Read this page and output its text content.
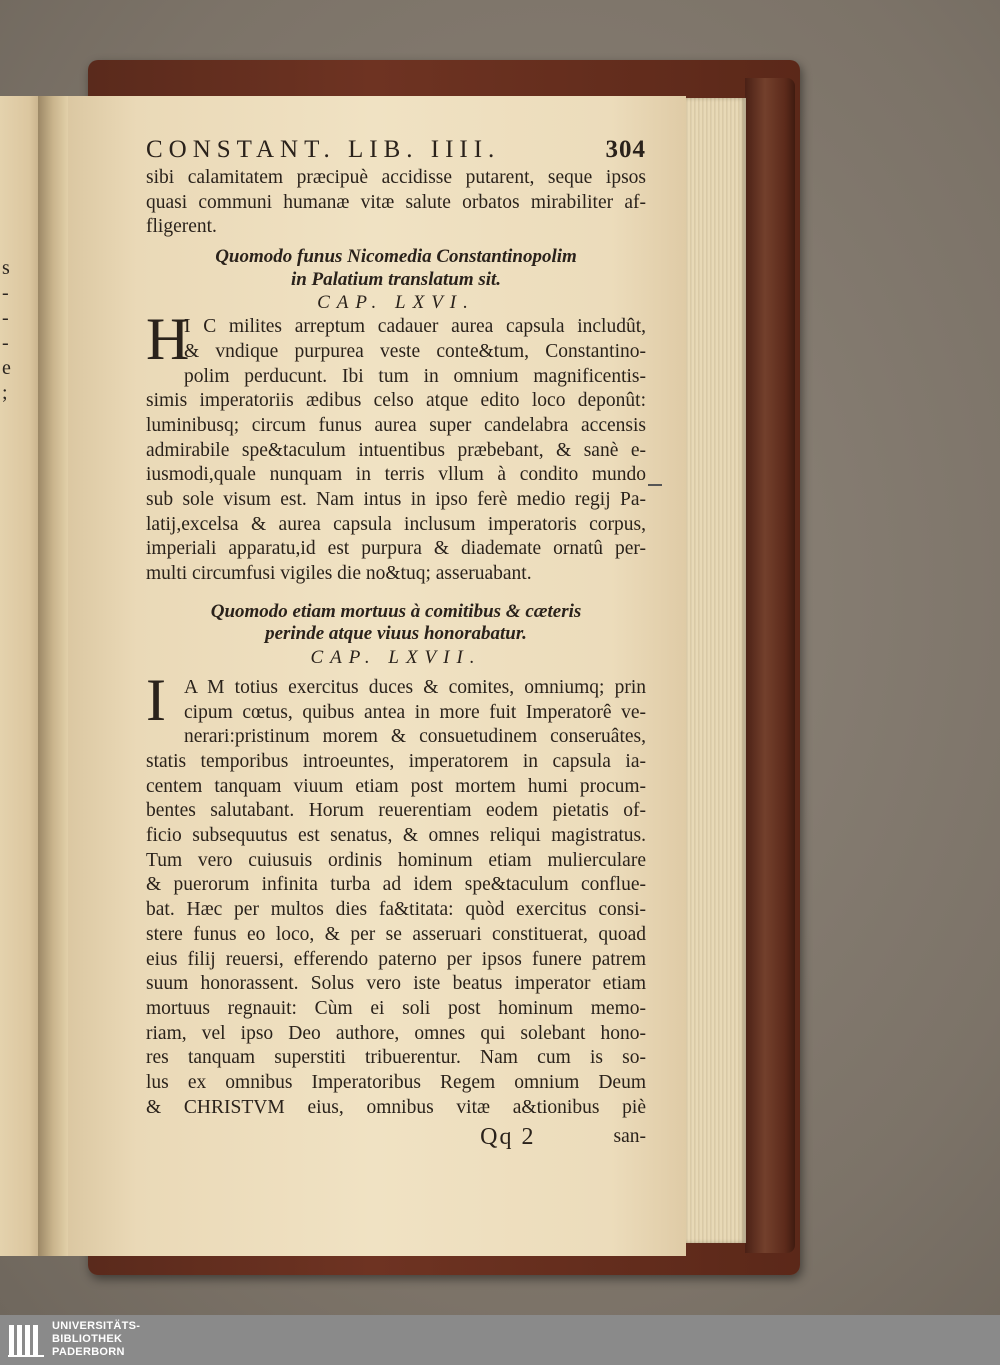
s
-
-
-
e
;
CONSTANT. LIB. IIII.	304
sibi calamitatem præcipuè accidisse putarent, seque ipsos
quasi communi humanæ vitæ salute orbatos mirabiliter af-
fligerent.
Quomodo funus Nicomedia Constantinopolim
in Palatium translatum sit.
CAP. LXVI.
H
I C milites arreptum cadauer aurea capsula includût,
& vndique purpurea veste conte&tum, Constantino-
polim perducunt. Ibi tum in omnium magnificentis-
simis imperatoriis ædibus celso atque edito loco deponût:
luminibusq; circum funus aurea super candelabra accensis
admirabile spe&taculum intuentibus præbebant, & sanè e-
iusmodi,quale nunquam in terris vllum à condito mundo
sub sole visum est. Nam intus in ipso ferè medio regij Pa-
latij,excelsa & aurea capsula inclusum imperatoris corpus,
imperiali apparatu,id est purpura & diademate ornatû per-
multi circumfusi vigiles die no&tuq; asseruabant.
Quomodo etiam mortuus à comitibus & cæteris
perinde atque viuus honorabatur.
CAP. LXVII.
I A M totius exercitus duces & comites, omniumq; prin
cipum cœtus, quibus antea in more fuit Imperatorê ve-
nerari:pristinum morem & consuetudinem conseruâtes,
statis temporibus introeuntes, imperatorem in capsula ia-
centem tanquam viuum etiam post mortem humi procum-
bentes salutabant. Horum reuerentiam eodem pietatis of-
ficio subsequutus est senatus, & omnes reliqui magistratus.
Tum vero cuiusuis ordinis hominum etiam mulierculare
& puerorum infinita turba ad idem spe&taculum conflue-
bat. Hæc per multos dies fa&titata: quòd exercitus consi-
stere funus eo loco, & per se asseruari constituerat, quoad
eius filij reuersi, efferendo paterno per ipsos funere patrem
suum honorassent. Solus vero iste beatus imperator etiam
mortuus regnauit: Cùm ei soli post hominum memo-
riam, vel ipso Deo authore, omnes qui solebant hono-
res tanquam superstiti tribuerentur. Nam cum is so-
lus ex omnibus Imperatoribus Regem omnium Deum
& CHRISTVM eius, omnibus vitæ a&tionibus piè
Qq 2	san-
UNIVERSITÄTS-
BIBLIOTHEK
PADERBORN
